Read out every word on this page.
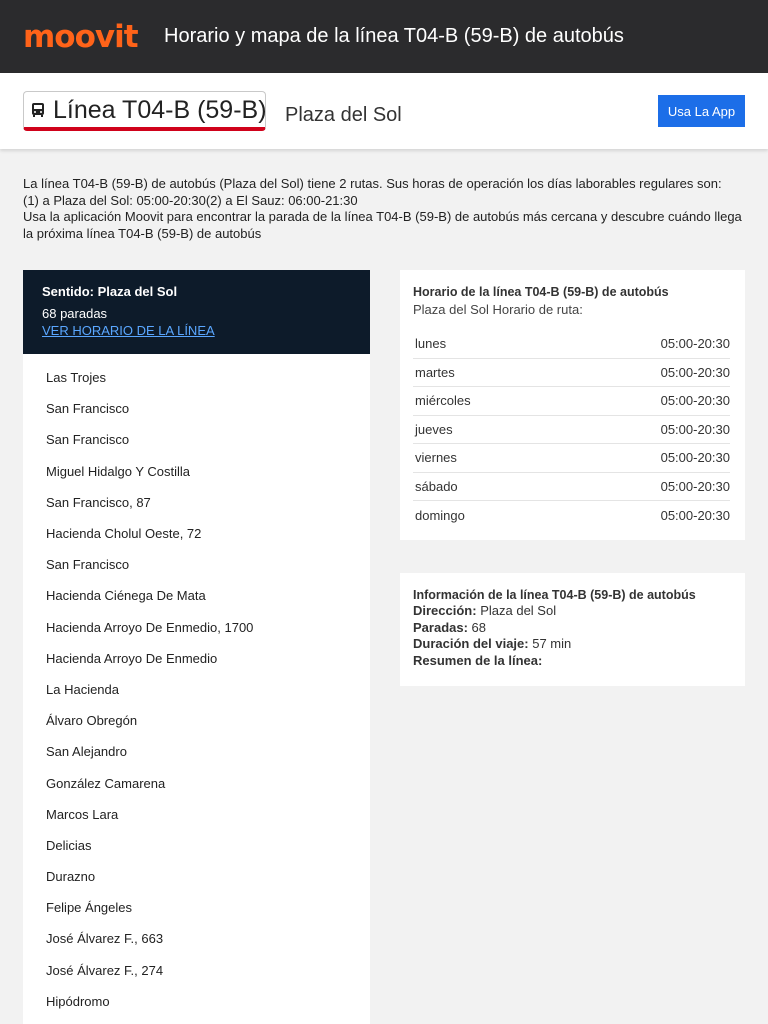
moovit Horario y mapa de la línea T04-B (59-B) de autobús
Línea T04-B (59-B) Plaza del Sol	Usa La App

La línea T04-B (59-B) de autobús (Plaza del Sol) tiene 2 rutas. Sus horas de operación los días laborables regulares son:

(1) a Plaza del Sol: 05:00-20:30(2) a El Sauz: 06:00-21:30

Usa la aplicación Moovit para encontrar la parada de la línea T04-B (59-B) de autobús más cercana y descubre cuándo llega la próxima línea T04-B (59-B) de autobús

Sentido: Plaza del Sol
68 paradas
VER HORARIO DE LA LÍNEA
Las Trojes
San Francisco
San Francisco
Miguel Hidalgo Y Costilla
San Francisco, 87
Hacienda Cholul Oeste, 72
San Francisco
Hacienda Ciénega De Mata
Hacienda Arroyo De Enmedio, 1700
Hacienda Arroyo De Enmedio
La Hacienda
Álvaro Obregón
San Alejandro
González Camarena
Marcos Lara
Delicias
Durazno
Felipe Ángeles
José Álvarez F., 663
José Álvarez F., 274
Hipódromo
Horario de la línea T04-B (59-B) de autobús
Plaza del Sol Horario de ruta:
lunes	05:00-20:30
martes	05:00-20:30
miércoles	05:00-20:30
jueves	05:00-20:30
viernes	05:00-20:30
sábado	05:00-20:30
domingo	05:00-20:30
Información de la línea T04-B (59-B) de autobús
Dirección: Plaza del Sol
Paradas: 68
Duración del viaje: 57 min
Resumen de la línea:
